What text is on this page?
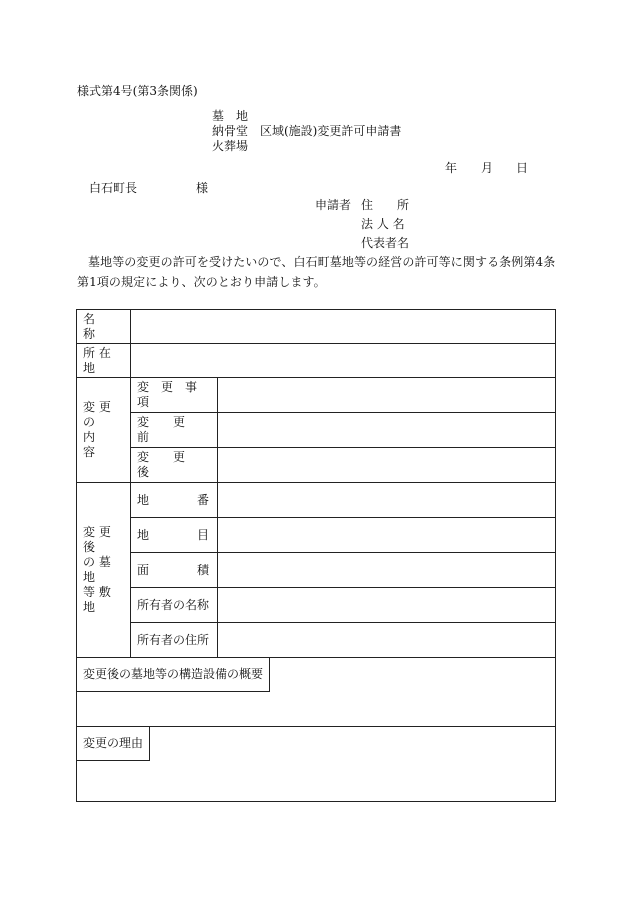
様式第4号(第3条関係)
墓　地
納骨堂 区域(施設)変更許可申請書
火葬場
年 月 日
白石町長	様
申請者 住　　所
法 人 名
代表者名
墓地等の変更の許可を受けたいので、白石町墓地等の経営の許可等に関する条例第4条第1項の規定により、次のとおり申請します。
名　　称		
所 在 地		

変 更 の
内　　容	変　更　事　項	
	変　　更　　前	
	変　　更　　後	

変 更 後
の 墓 地
等 敷 地	地　　　　番	
	地　　　　目	
	面　　　　積	
	所有者の名称	
	所有者の住所	

変更後の墓地等の構造設備の概要		

変更の理由		
